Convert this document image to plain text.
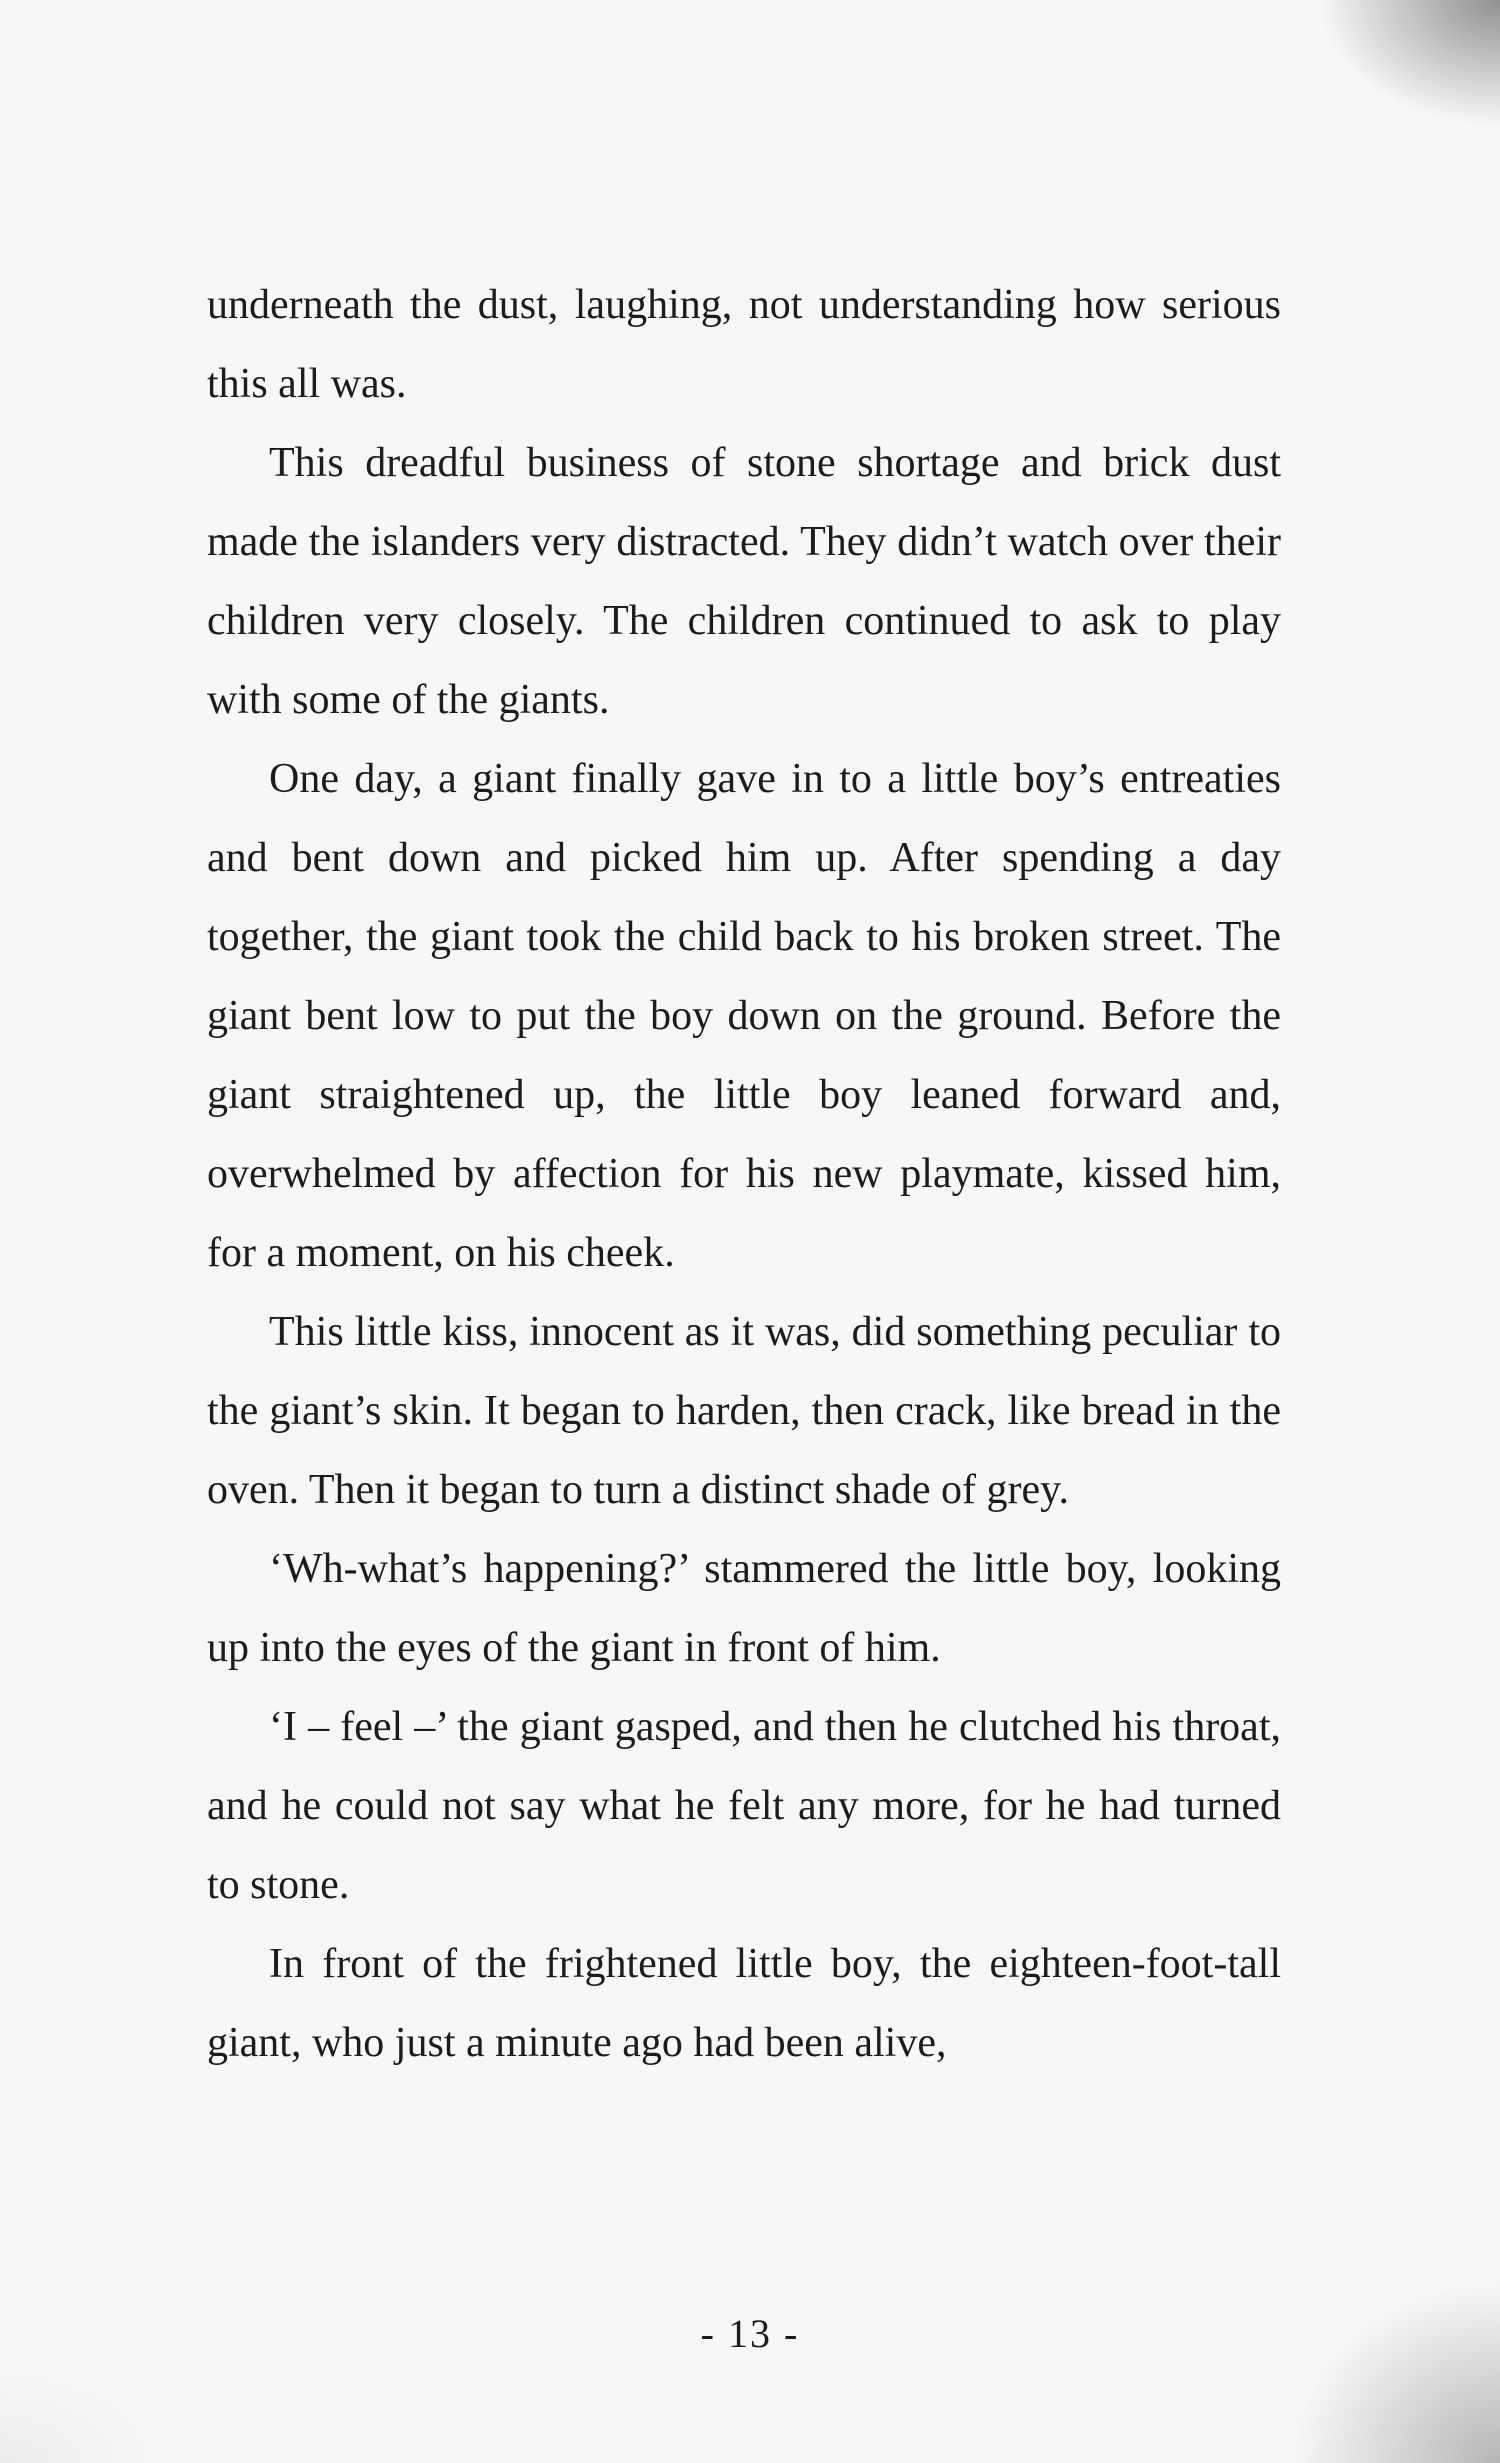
underneath the dust, laughing, not understanding how serious this all was.

This dreadful business of stone shortage and brick dust made the islanders very distracted. They didn’t watch over their children very closely. The children continued to ask to play with some of the giants.

One day, a giant finally gave in to a little boy’s entreaties and bent down and picked him up. After spending a day together, the giant took the child back to his broken street. The giant bent low to put the boy down on the ground. Before the giant straightened up, the little boy leaned forward and, overwhelmed by affection for his new playmate, kissed him, for a moment, on his cheek.

This little kiss, innocent as it was, did something peculiar to the giant’s skin. It began to harden, then crack, like bread in the oven. Then it began to turn a distinct shade of grey.

‘Wh-what’s happening?’ stammered the little boy, looking up into the eyes of the giant in front of him.

‘I – feel –’ the giant gasped, and then he clutched his throat, and he could not say what he felt any more, for he had turned to stone.

In front of the frightened little boy, the eighteen-foot-tall giant, who just a minute ago had been alive,

- 13 -
